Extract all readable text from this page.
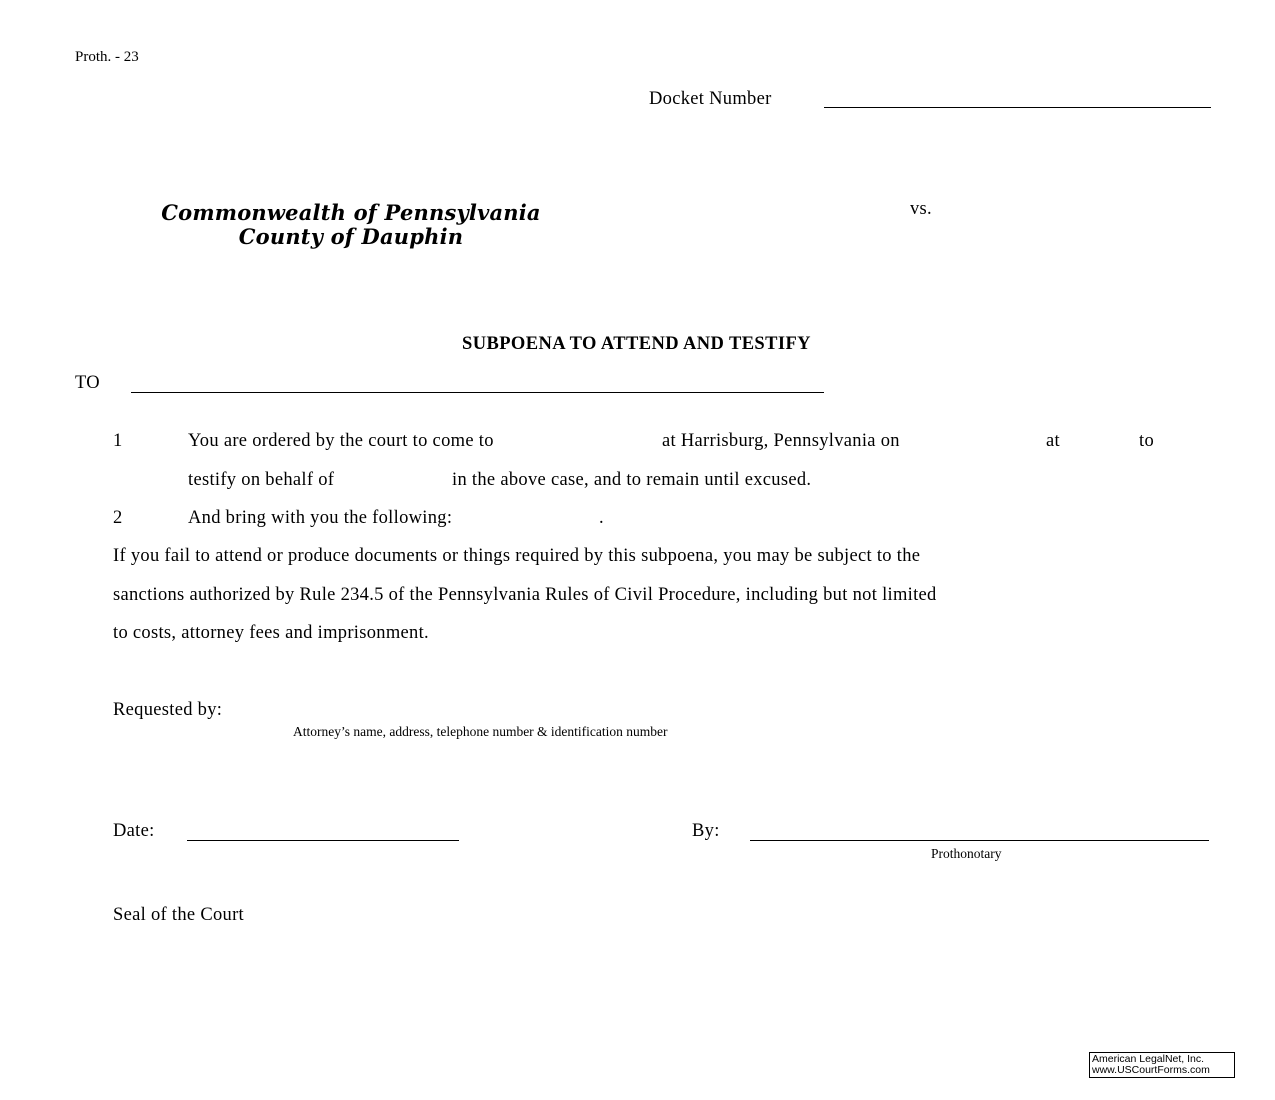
Proth. - 23
Docket Number
Commonwealth of Pennsylvania
County of Dauphin
vs.
SUBPOENA TO ATTEND AND TESTIFY
TO
1	You are ordered by the court to come to	at Harrisburg, Pennsylvania on	at	to
testify on behalf of	in the above case, and to remain until excused.
2	And bring with you the following:	.
If you fail to attend or produce documents or things required by this subpoena, you may be subject to the
sanctions authorized by Rule 234.5 of the Pennsylvania Rules of Civil Procedure, including but not limited
to costs, attorney fees and imprisonment.
Requested by:
Attorney’s name, address, telephone number & identification number
Date:	By:
Prothonotary
Seal of the Court
American LegalNet, Inc.
www.USCourtForms.com
